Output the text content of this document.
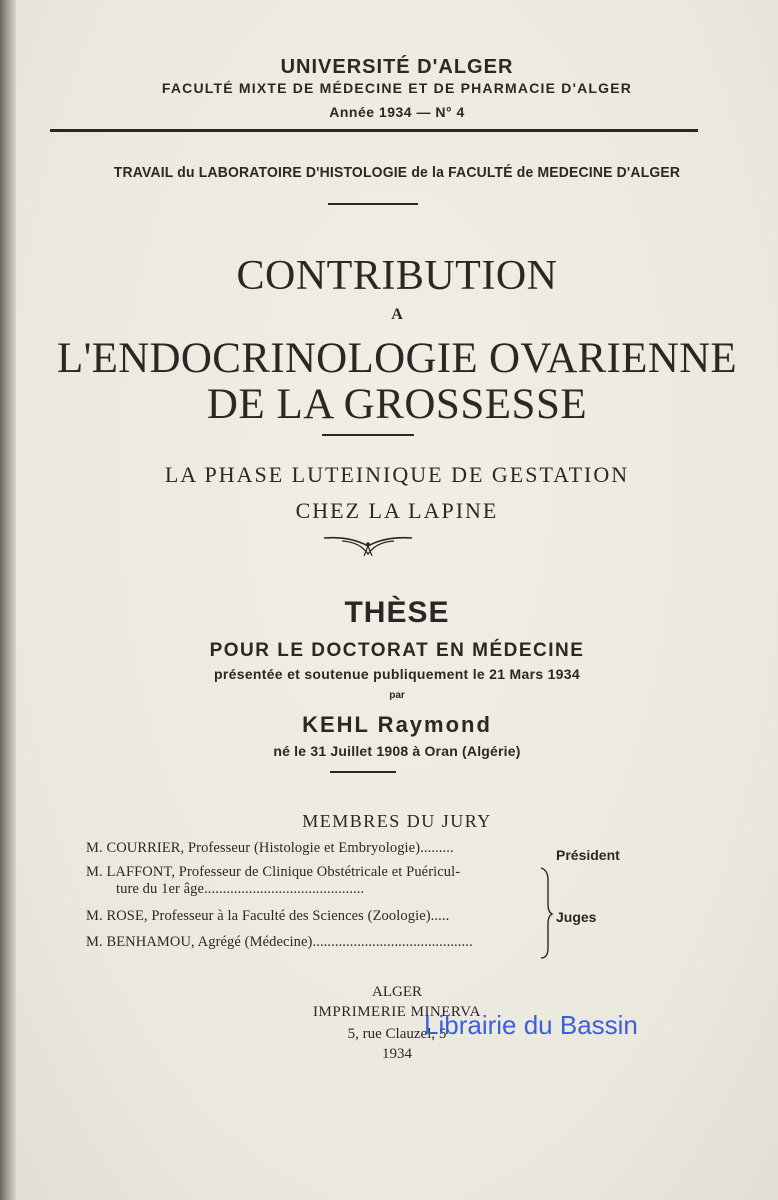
UNIVERSITÉ D'ALGER
FACULTÉ MIXTE DE MÉDECINE ET DE PHARMACIE D'ALGER
Année 1934 — N° 4
TRAVAIL du LABORATOIRE D'HISTOLOGIE de la FACULTÉ de MEDECINE D'ALGER
CONTRIBUTION
A
L'ENDOCRINOLOGIE OVARIENNE
DE LA GROSSESSE
LA PHASE LUTEINIQUE DE GESTATION
CHEZ LA LAPINE
THÈSE
POUR LE DOCTORAT EN MÉDECINE
présentée et soutenue publiquement le 21 Mars 1934
par
KEHL Raymond
né le 31 Juillet 1908 à Oran (Algérie)
MEMBRES DU JURY
M. COURRIER, Professeur (Histologie et Embryologie).........	Président
M. LAFFONT, Professeur de Clinique Obstétricale et Puéricul-
ture du 1er âge...........................................
M. ROSE, Professeur à la Faculté des Sciences (Zoologie).....	Juges
M. BENHAMOU, Agrégé (Médecine)...........................................
ALGER
IMPRIMERIE MINERVA
5, rue Clauzel, 5
1934
Librairie du Bassin
